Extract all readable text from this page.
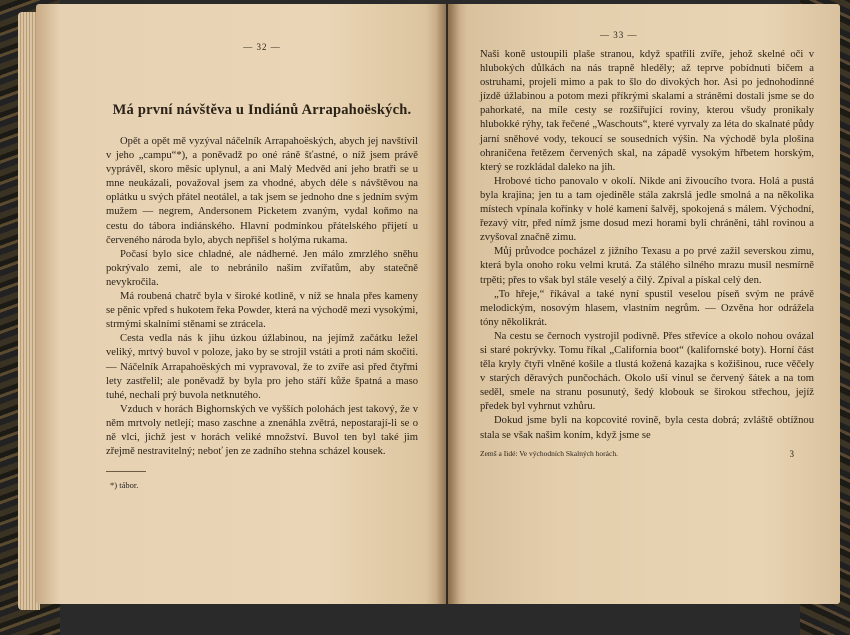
— 32 —
Má první návštěva u Indiánů Arrapahoëských.

Opět a opět mě vyzýval náčelník Arrapahoëských, abych jej navštívil v jeho „campu“*), a poněvadž po oné ráně šťastné, o níž jsem právě vyprávěl, skoro měsíc uplynul, a ani Malý Medvěd ani jeho bratři se u mne neukázali, považoval jsem za vhodné, abych déle s návštěvou na oplátku u svých přátel neotálel, a tak jsem se jednoho dne s jedním svým mužem — negrem, Andersonem Picketem zvaným, vydal koňmo na cestu do tábora indiánského. Hlavní podmínkou přátelského přijetí u červeného národa bylo, abych nepřišel s holýma rukama.

Počasí bylo sice chladné, ale nádherné. Jen málo zmrzlého sněhu pokrývalo zemi, ale to nebránilo našim zvířatům, aby statečně nevykročila.

Má roubená chatrč byla v široké kotlině, v níž se hnala přes kameny se pěnic vpřed s hukotem řeka Powder, která na východě mezi vysokými, strmými skalními stěnami se ztrácela.

Cesta vedla nás k jihu úzkou úžlabinou, na jejímž začátku ležel veliký, mrtvý buvol v poloze, jako by se strojil vstáti a proti nám skočiti. — Náčelník Arrapahoëských mi vypravoval, že to zvíře asi před čtyřmi lety zastřelil; ale poněvadž by byla pro jeho stáří kůže špatná a maso tuhé, nechali prý buvola netknutého.

Vzduch v horách Bighornských ve vyšších polohách jest takový, že v něm mrtvoly netlejí; maso zaschne a znenáhla zvětrá, nepostarají-li se o ně vlci, jichž jest v horách veliké množství. Buvol ten byl také jim zřejmě nestravitelný; neboť jen ze zadního stehna scházel kousek.

*) tábor.
— 33 —

Naši koně ustoupili plaše stranou, když spatřili zvíře, jehož skelné oči v hlubokých důlkách na nás trapně hleděly; až teprve pobídnuti bičem a ostruhami, projeli mimo a pak to šlo do divokých hor. Asi po jednohodinné jízdě úžlabinou a potom mezi příkrými skalami a stráněmi dostali jsme se do pahorkaté, na míle cesty se rozšiřující roviny, kterou všudy pronikaly hlubokké rýhy, tak řečené „Waschouts“, které vyrvaly za léta do skalnaté půdy jarní sněhové vody, tekoucí se sousedních výšin. Na východě byla plošina ohraničena řetězem červených skal, na západě vysokým hřbetem horským, který se rozkládal daleko na jih.

Hrobové ticho panovalo v okolí. Nikde ani živoucího tvora. Holá a pustá byla krajina; jen tu a tam ojediněle stála zakrslá jedle smolná a na několika místech vpínala kořínky v holé kamení šalvěj, spokojená s málem. Východní, řezavý vítr, před nímž jsme dosud mezi horami byli chráněni, táhl rovinou a zvyšoval značně zimu.

Můj průvodce pocházel z jižního Texasu a po prvé zažil severskou zimu, která byla onoho roku velmi krutá. Za stálého silného mrazu musil nesmírně trpěti; přes to však byl stále veselý a čilý. Zpíval a pískal celý den.

„To hřeje,“ říkával a také nyní spustil veselou píseň svým ne právě melodickým, nosovým hlasem, vlastním negrům. — Ozvěna hor odrážela tóny několikrát.

Na cestu se černoch vystrojil podivně. Přes střevíce a okolo nohou ovázal si staré pokrývky. Tomu říkal „California boot“ (kalifornské boty). Horní část těla kryly čtyři vlněné košile a tlustá kožená kazajka s kožišinou, ruce věčely v starých děravých punčochách. Okolo uší vinul se červený šátek a na tom seděl, smele na stranu posunutý, šedý klobouk se širokou střechou, jejíž předek byl vyhrnut vzhůru.

Dokud jsme byli na kopcovité rovině, byla cesta dobrá; zvláště obtížnou stala se však našim koním, když jsme se

Zemš a Iidé: Ve východních Skalných horách.	3
